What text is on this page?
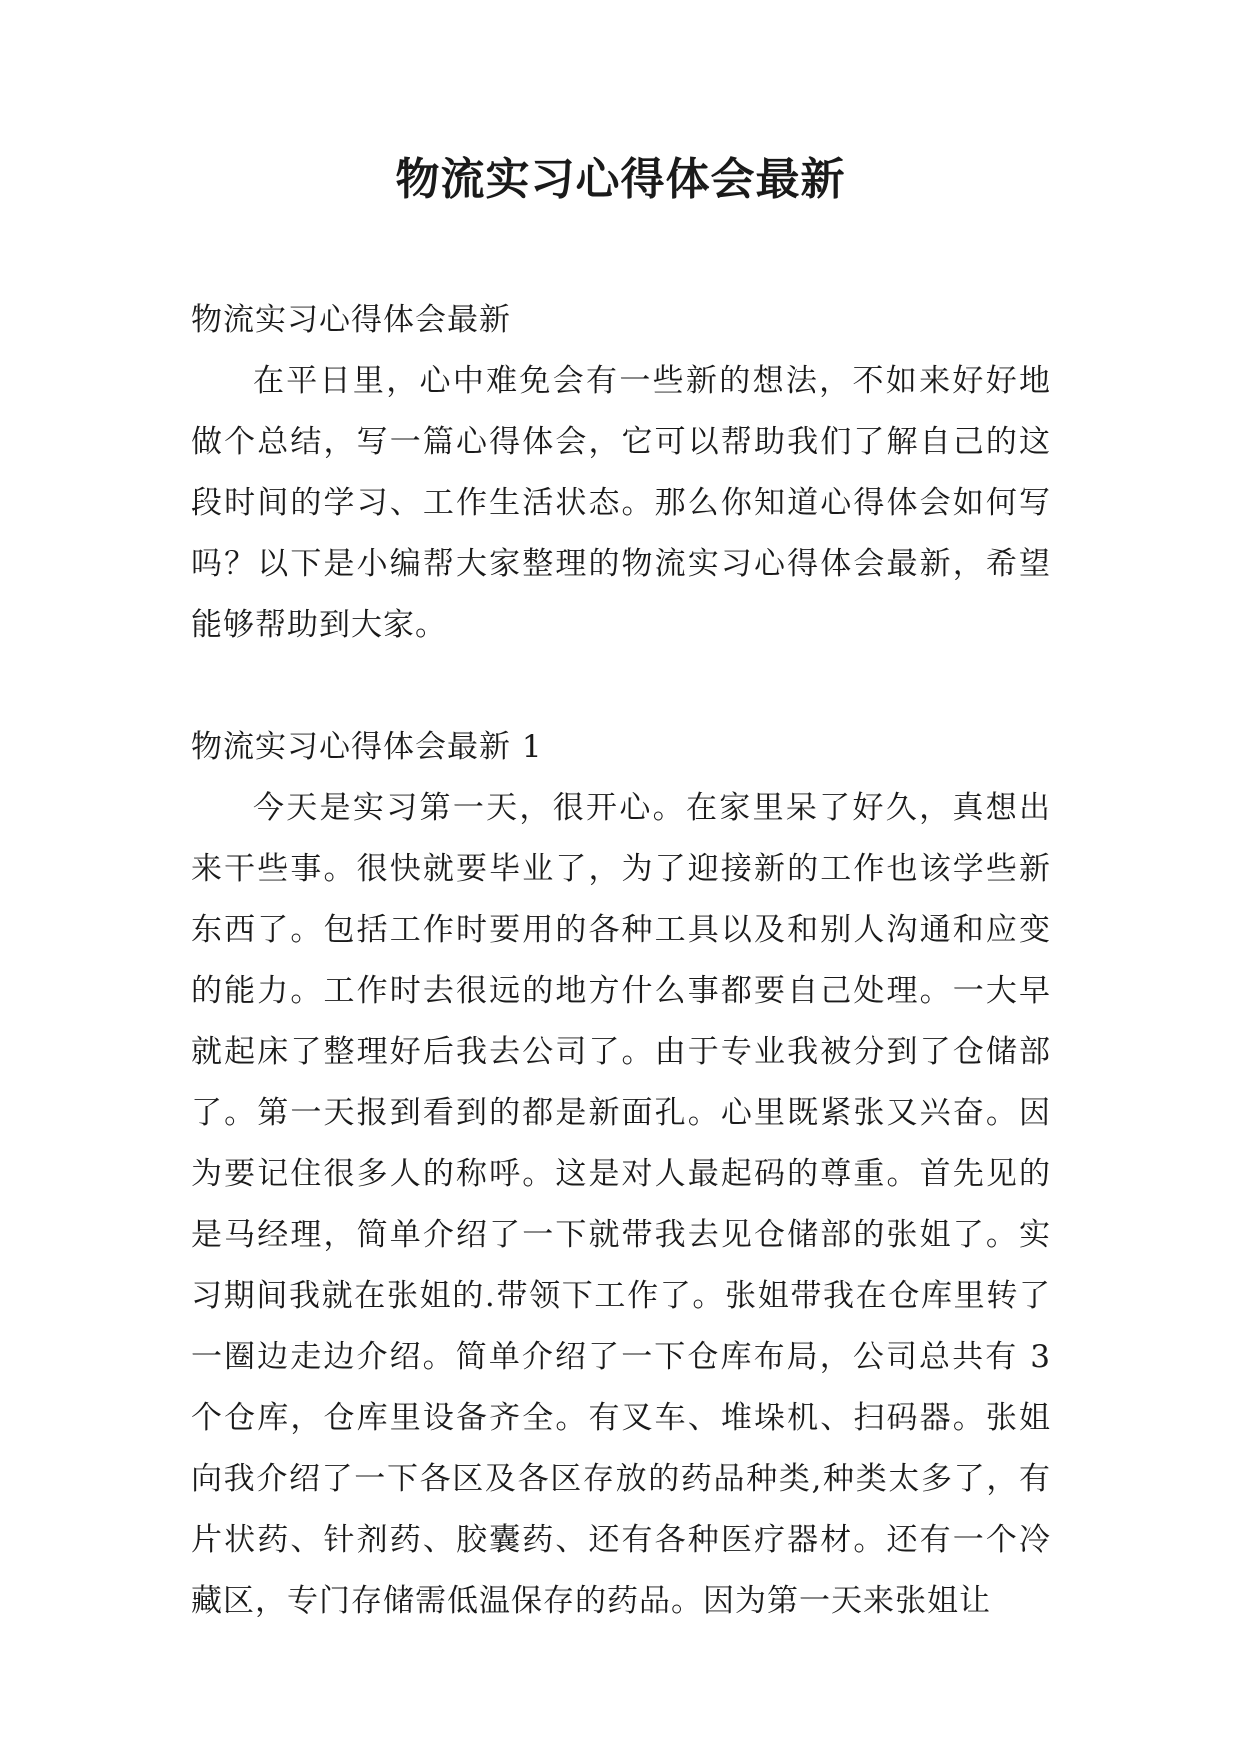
物流实习心得体会最新

物流实习心得体会最新

在平日里，心中难免会有一些新的想法，不如来好好地做个总结，写一篇心得体会，它可以帮助我们了解自己的这段时间的学习、工作生活状态。那么你知道心得体会如何写吗？以下是小编帮大家整理的物流实习心得体会最新，希望能够帮助到大家。

物流实习心得体会最新 1

今天是实习第一天，很开心。在家里呆了好久，真想出来干些事。很快就要毕业了，为了迎接新的工作也该学些新东西了。包括工作时要用的各种工具以及和别人沟通和应变的能力。工作时去很远的地方什么事都要自己处理。一大早就起床了整理好后我去公司了。由于专业我被分到了仓储部了。第一天报到看到的都是新面孔。心里既紧张又兴奋。因为要记住很多人的称呼。这是对人最起码的尊重。首先见的是马经理，简单介绍了一下就带我去见仓储部的张姐了。实习期间我就在张姐的.带领下工作了。张姐带我在仓库里转了一圈边走边介绍。简单介绍了一下仓库布局，公司总共有 3 个仓库，仓库里设备齐全。有叉车、堆垛机、扫码器。张姐向我介绍了一下各区及各区存放的药品种类,种类太多了，有片状药、针剂药、胶囊药、还有各种医疗器材。还有一个冷藏区，专门存储需低温保存的药品。因为第一天来张姐让
